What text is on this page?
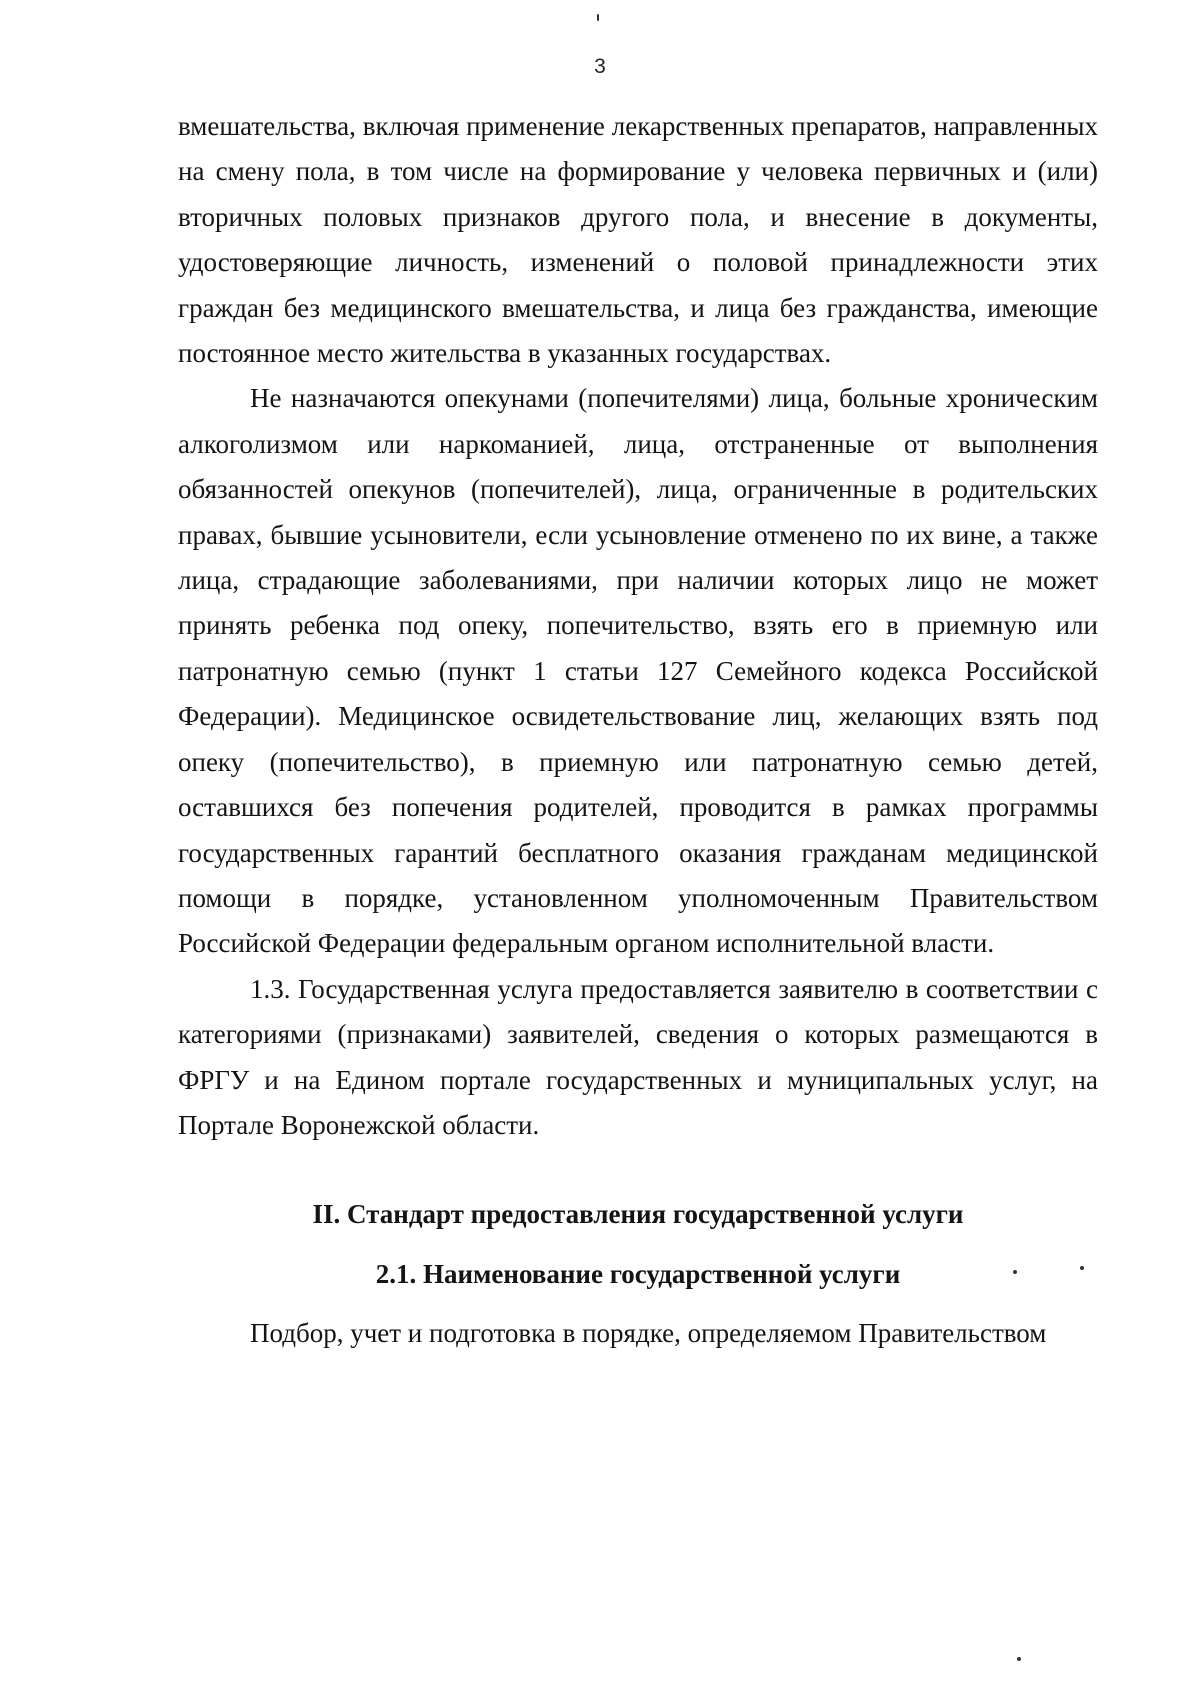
3

вмешательства, включая применение лекарственных препаратов, направленных на смену пола, в том числе на формирование у человека первичных и (или) вторичных половых признаков другого пола, и внесение в документы, удостоверяющие личность, изменений о половой принадлежности этих граждан без медицинского вмешательства, и лица без гражданства, имеющие постоянное место жительства в указанных государствах.

Не назначаются опекунами (попечителями) лица, больные хроническим алкоголизмом или наркоманией, лица, отстраненные от выполнения обязанностей опекунов (попечителей), лица, ограниченные в родительских правах, бывшие усыновители, если усыновление отменено по их вине, а также лица, страдающие заболеваниями, при наличии которых лицо не может принять ребенка под опеку, попечительство, взять его в приемную или патронатную семью (пункт 1 статьи 127 Семейного кодекса Российской Федерации). Медицинское освидетельствование лиц, желающих взять под опеку (попечительство), в приемную или патронатную семью детей, оставшихся без попечения родителей, проводится в рамках программы государственных гарантий бесплатного оказания гражданам медицинской помощи в порядке, установленном уполномоченным Правительством Российской Федерации федеральным органом исполнительной власти.

1.3. Государственная услуга предоставляется заявителю в соответствии с категориями (признаками) заявителей, сведения о которых размещаются в ФРГУ и на Едином портале государственных и муниципальных услуг, на Портале Воронежской области.

II. Стандарт предоставления государственной услуги
2.1. Наименование государственной услуги

Подбор, учет и подготовка в порядке, определяемом Правительством
